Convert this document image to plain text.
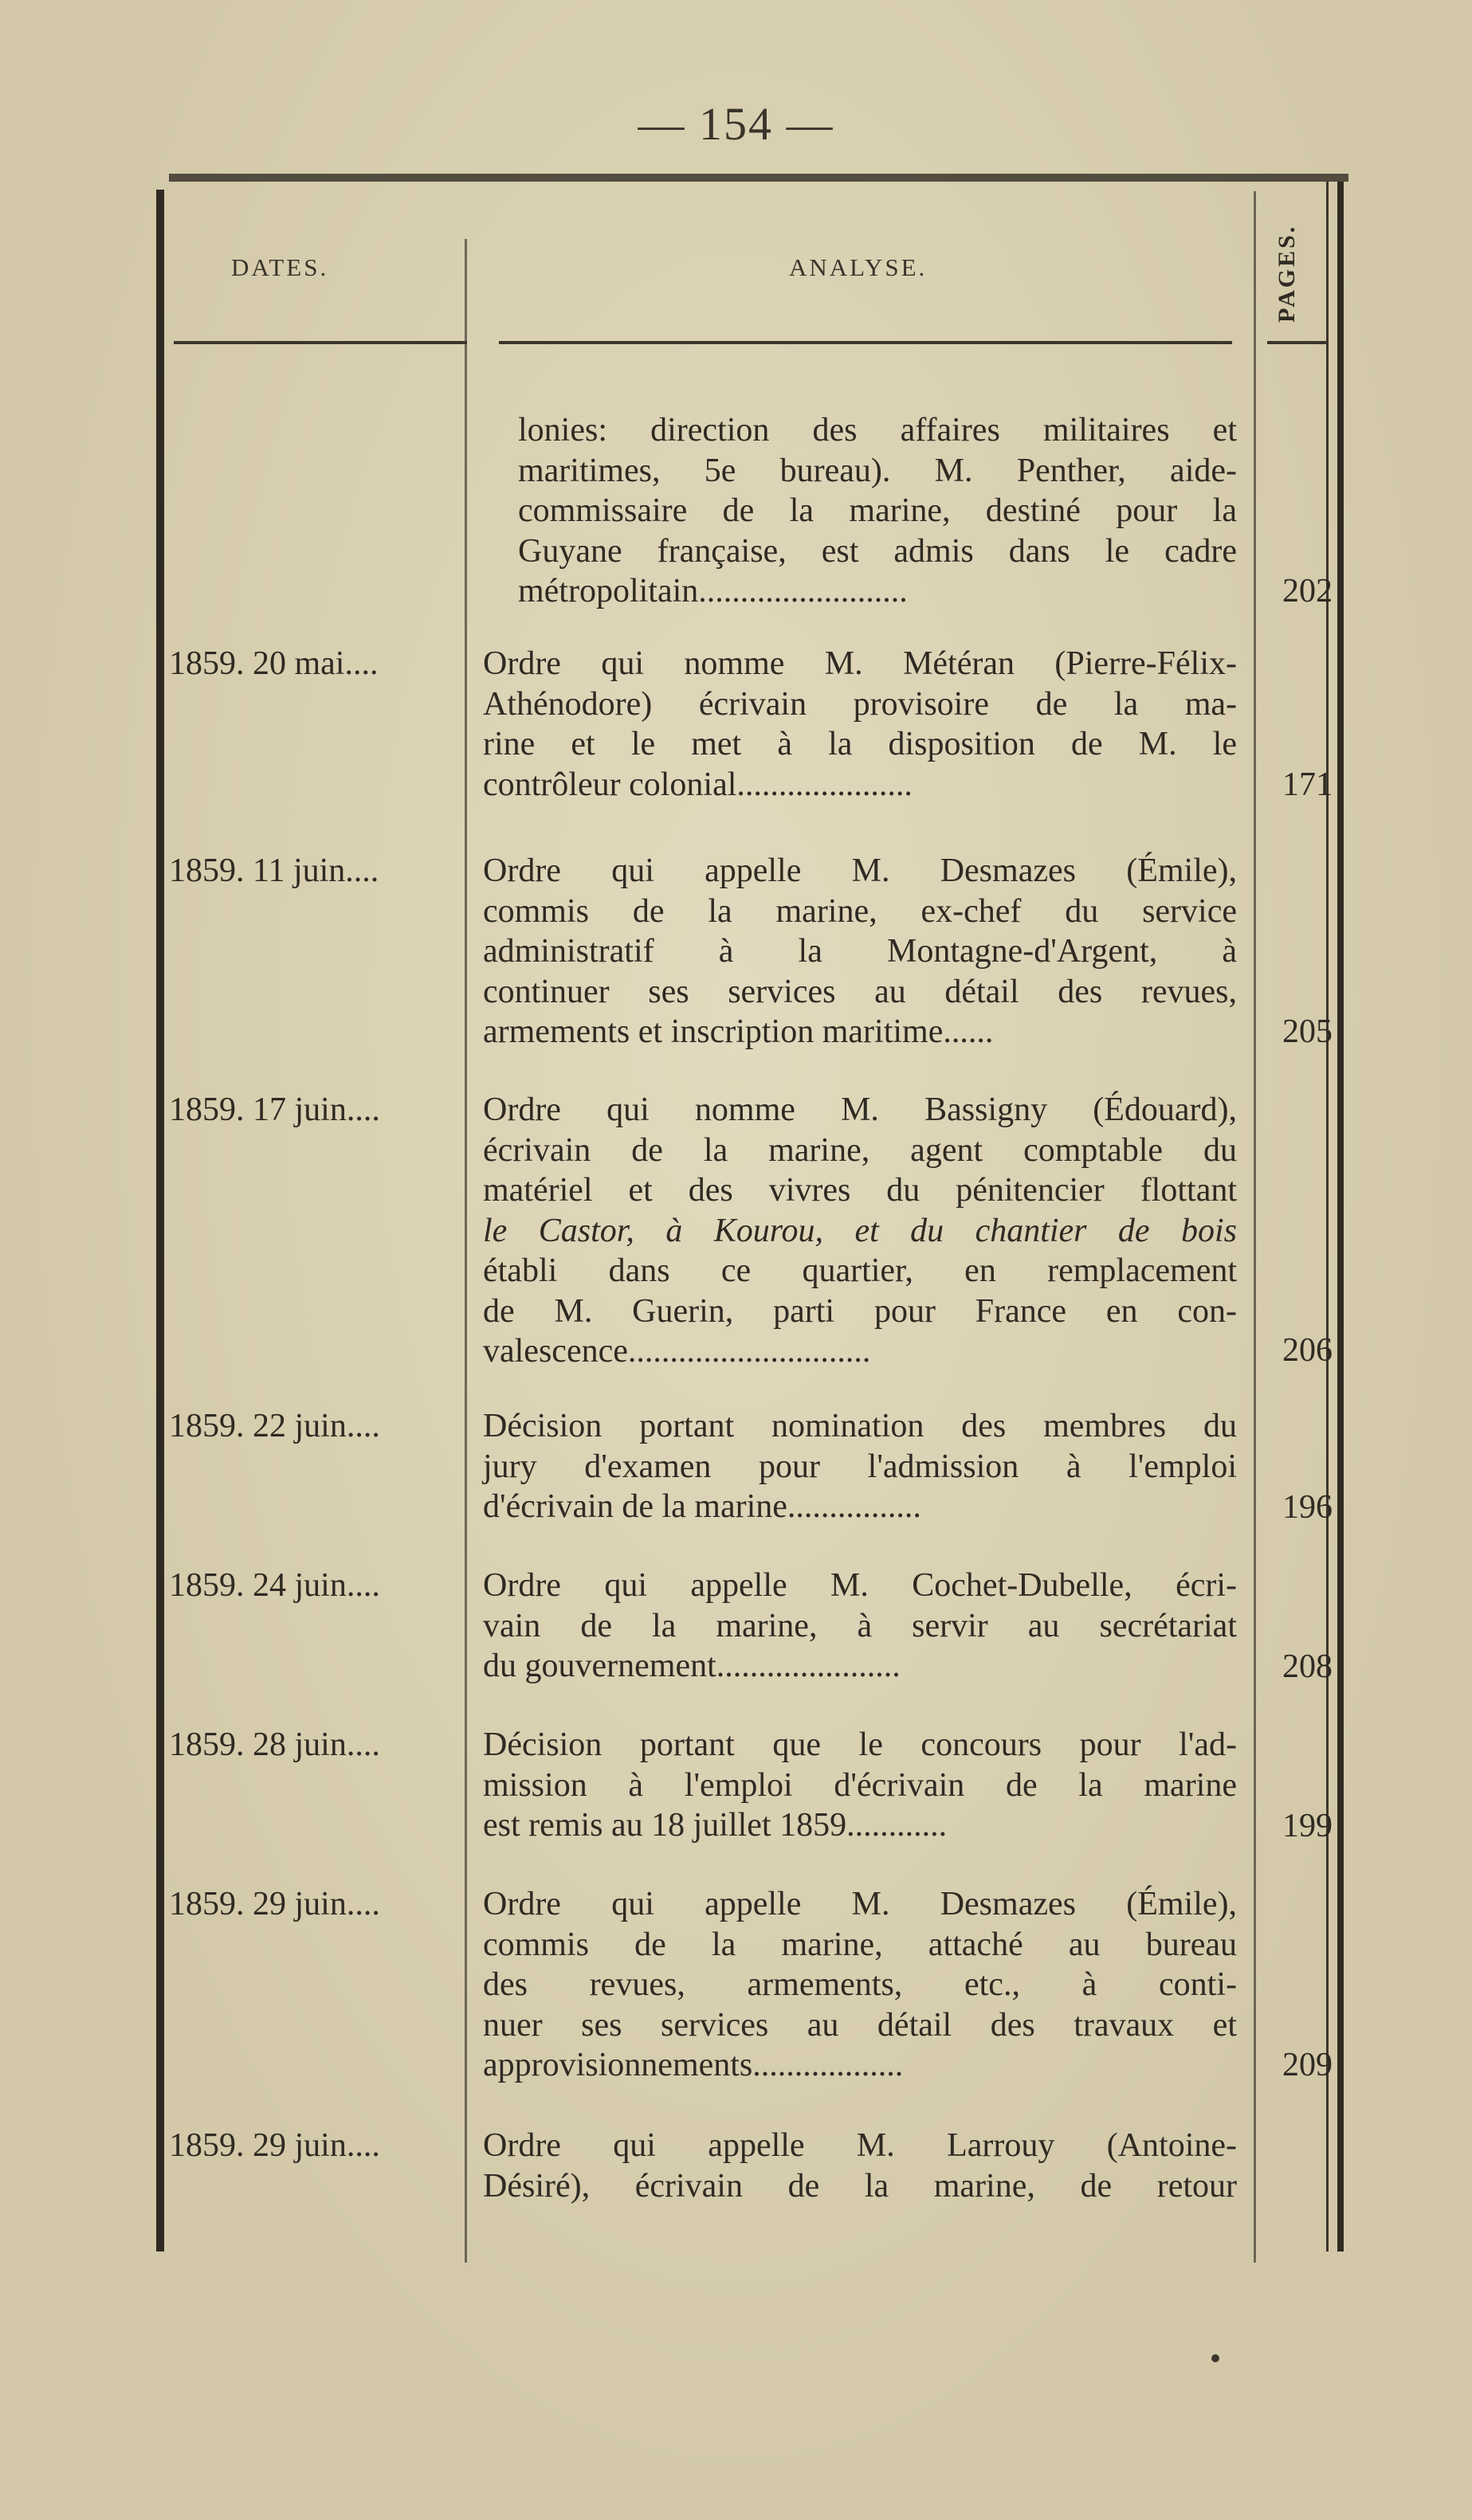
— 154 —
DATES.	ANALYSE.	PAGES.
lonies: direction des affaires militaires et
maritimes, 5e bureau). M. Penther, aide-
commissaire de la marine, destiné pour la
Guyane française, est admis dans le cadre
métropolitain.........................	202
1859. 20 mai....	Ordre qui nomme M. Météran (Pierre-Félix-
Athénodore) écrivain provisoire de la ma-
rine et le met à la disposition de M. le
contrôleur colonial.....................	171
1859. 11 juin....	Ordre qui appelle M. Desmazes (Émile),
commis de la marine, ex-chef du service
administratif à la Montagne-d'Argent, à
continuer ses services au détail des revues,
armements et inscription maritime......	205
1859. 17 juin....	Ordre qui nomme M. Bassigny (Édouard),
écrivain de la marine, agent comptable du
matériel et des vivres du pénitencier flottant
le Castor, à Kourou, et du chantier de bois
établi dans ce quartier, en remplacement
de M. Guerin, parti pour France en con-
valescence.............................	206
1859. 22 juin....	Décision portant nomination des membres du
jury d'examen pour l'admission à l'emploi
d'écrivain de la marine................	196
1859. 24 juin....	Ordre qui appelle M. Cochet-Dubelle, écri-
vain de la marine, à servir au secrétariat
du gouvernement......................	208
1859. 28 juin....	Décision portant que le concours pour l'ad-
mission à l'emploi d'écrivain de la marine
est remis au 18 juillet 1859............	199
1859. 29 juin....	Ordre qui appelle M. Desmazes (Émile),
commis de la marine, attaché au bureau
des revues, armements, etc., à conti-
nuer ses services au détail des travaux et
approvisionnements..................	209
1859. 29 juin....	Ordre qui appelle M. Larrouy (Antoine-
Désiré), écrivain de la marine, de retour
